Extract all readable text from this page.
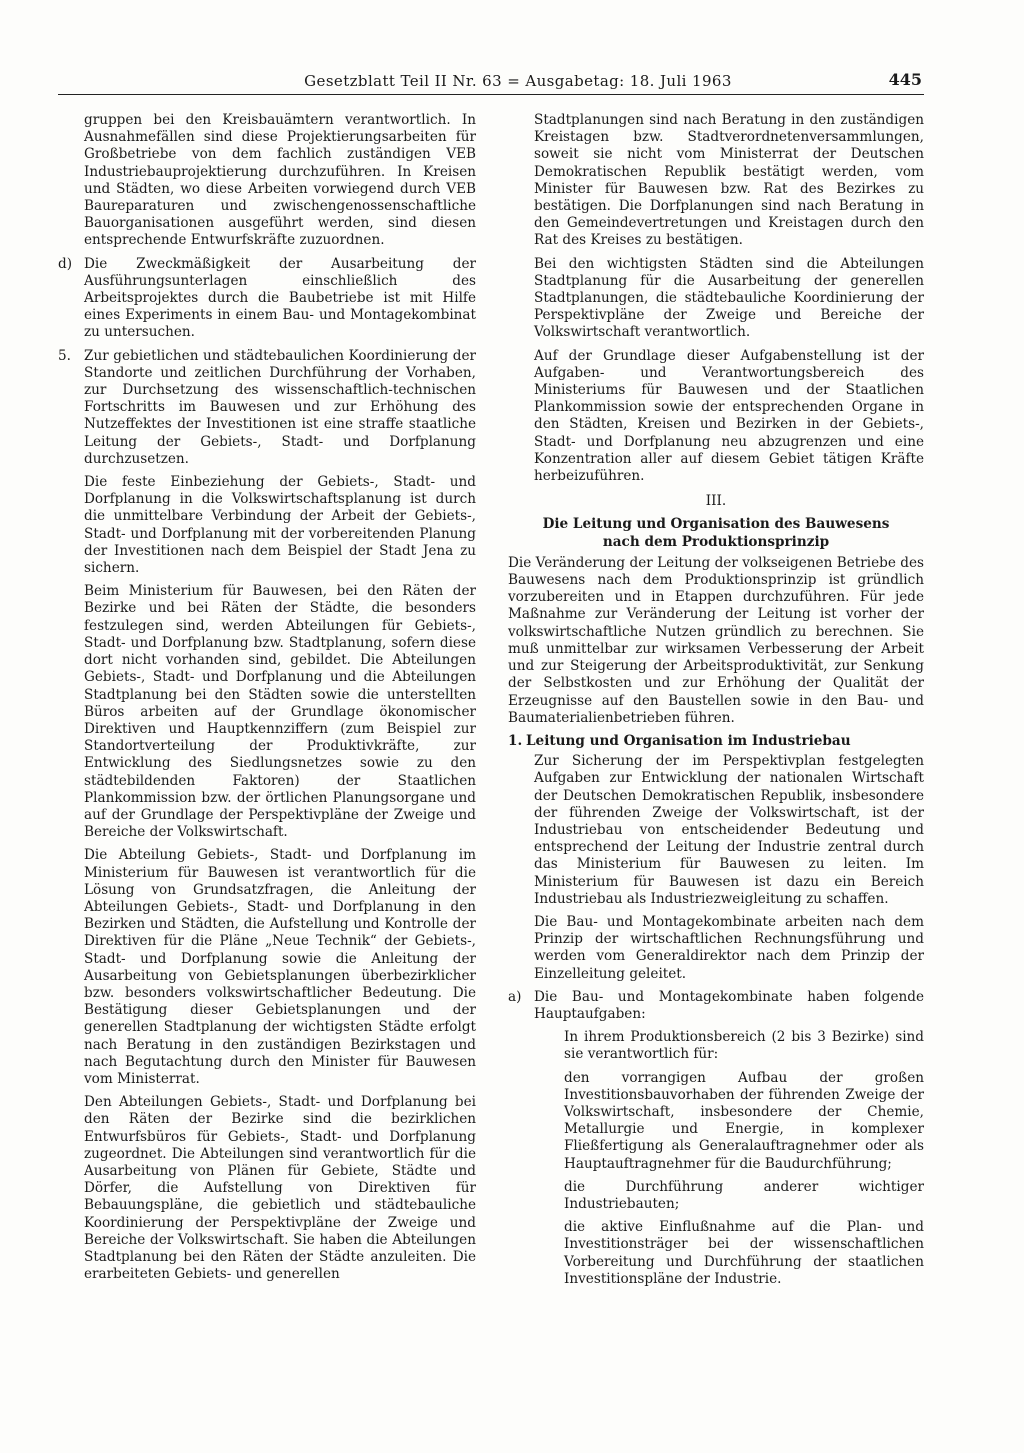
Gesetzblatt Teil II Nr. 63 = Ausgabetag: 18. Juli 1963	445

gruppen bei den Kreisbauämtern verantwortlich. In Ausnahmefällen sind diese Projektierungsarbeiten für Großbetriebe von dem fachlich zuständigen VEB Industriebauprojektierung durchzuführen. In Kreisen und Städten, wo diese Arbeiten vorwiegend durch VEB Baureparaturen und zwischengenossenschaftliche Bauorganisationen ausgeführt werden, sind diesen entsprechende Entwurfskräfte zuzuordnen.

d) Die Zweckmäßigkeit der Ausarbeitung der Ausführungsunterlagen einschließlich des Arbeitsprojektes durch die Baubetriebe ist mit Hilfe eines Experiments in einem Bau- und Montagekombinat zu untersuchen.

5. Zur gebietlichen und städtebaulichen Koordinierung der Standorte und zeitlichen Durchführung der Vorhaben, zur Durchsetzung des wissenschaftlich-technischen Fortschritts im Bauwesen und zur Erhöhung des Nutzeffektes der Investitionen ist eine straffe staatliche Leitung der Gebiets-, Stadt- und Dorfplanung durchzusetzen.

Die feste Einbeziehung der Gebiets-, Stadt- und Dorfplanung in die Volkswirtschaftsplanung ist durch die unmittelbare Verbindung der Arbeit der Gebiets-, Stadt- und Dorfplanung mit der vorbereitenden Planung der Investitionen nach dem Beispiel der Stadt Jena zu sichern.

Beim Ministerium für Bauwesen, bei den Räten der Bezirke und bei Räten der Städte, die besonders festzulegen sind, werden Abteilungen für Gebiets-, Stadt- und Dorfplanung bzw. Stadtplanung, sofern diese dort nicht vorhanden sind, gebildet. Die Abteilungen Gebiets-, Stadt- und Dorfplanung und die Abteilungen Stadtplanung bei den Städten sowie die unterstellten Büros arbeiten auf der Grundlage ökonomischer Direktiven und Hauptkennziffern (zum Beispiel zur Standortverteilung der Produktivkräfte, zur Entwicklung des Siedlungsnetzes sowie zu den städtebildenden Faktoren) der Staatlichen Plankommission bzw. der örtlichen Planungsorgane und auf der Grundlage der Perspektivpläne der Zweige und Bereiche der Volkswirtschaft.

Die Abteilung Gebiets-, Stadt- und Dorfplanung im Ministerium für Bauwesen ist verantwortlich für die Lösung von Grundsatzfragen, die Anleitung der Abteilungen Gebiets-, Stadt- und Dorfplanung in den Bezirken und Städten, die Aufstellung und Kontrolle der Direktiven für die Pläne „Neue Technik“ der Gebiets-, Stadt- und Dorfplanung sowie die Anleitung der Ausarbeitung von Gebietsplanungen überbezirklicher bzw. besonders volkswirtschaftlicher Bedeutung. Die Bestätigung dieser Gebietsplanungen und der generellen Stadtplanung der wichtigsten Städte erfolgt nach Beratung in den zuständigen Bezirkstagen und nach Begutachtung durch den Minister für Bauwesen vom Ministerrat.

Den Abteilungen Gebiets-, Stadt- und Dorfplanung bei den Räten der Bezirke sind die bezirklichen Entwurfsbüros für Gebiets-, Stadt- und Dorfplanung zugeordnet. Die Abteilungen sind verantwortlich für die Ausarbeitung von Plänen für Gebiete, Städte und Dörfer, die Aufstellung von Direktiven für Bebauungspläne, die gebietlich und städtebauliche Koordinierung der Perspektivpläne der Zweige und Bereiche der Volkswirtschaft. Sie haben die Abteilungen Stadtplanung bei den Räten der Städte anzuleiten. Die erarbeiteten Gebiets- und generellen

Stadtplanungen sind nach Beratung in den zuständigen Kreistagen bzw. Stadtverordnetenversammlungen, soweit sie nicht vom Ministerrat der Deutschen Demokratischen Republik bestätigt werden, vom Minister für Bauwesen bzw. Rat des Bezirkes zu bestätigen. Die Dorfplanungen sind nach Beratung in den Gemeindevertretungen und Kreistagen durch den Rat des Kreises zu bestätigen.

Bei den wichtigsten Städten sind die Abteilungen Stadtplanung für die Ausarbeitung der generellen Stadtplanungen, die städtebauliche Koordinierung der Perspektivpläne der Zweige und Bereiche der Volkswirtschaft verantwortlich.

Auf der Grundlage dieser Aufgabenstellung ist der Aufgaben- und Verantwortungsbereich des Ministeriums für Bauwesen und der Staatlichen Plankommission sowie der entsprechenden Organe in den Städten, Kreisen und Bezirken in der Gebiets-, Stadt- und Dorfplanung neu abzugrenzen und eine Konzentration aller auf diesem Gebiet tätigen Kräfte herbeizuführen.

III.

Die Leitung und Organisation des Bauwesens
nach dem Produktionsprinzip

Die Veränderung der Leitung der volkseigenen Betriebe des Bauwesens nach dem Produktionsprinzip ist gründlich vorzubereiten und in Etappen durchzuführen. Für jede Maßnahme zur Veränderung der Leitung ist vorher der volkswirtschaftliche Nutzen gründlich zu berechnen. Sie muß unmittelbar zur wirksamen Verbesserung der Arbeit und zur Steigerung der Arbeitsproduktivität, zur Senkung der Selbstkosten und zur Erhöhung der Qualität der Erzeugnisse auf den Baustellen sowie in den Bau- und Baumaterialienbetrieben führen.

1. Leitung und Organisation im Industriebau

Zur Sicherung der im Perspektivplan festgelegten Aufgaben zur Entwicklung der nationalen Wirtschaft der Deutschen Demokratischen Republik, insbesondere der führenden Zweige der Volkswirtschaft, ist der Industriebau von entscheidender Bedeutung und entsprechend der Leitung der Industrie zentral durch das Ministerium für Bauwesen zu leiten. Im Ministerium für Bauwesen ist dazu ein Bereich Industriebau als Industriezweigleitung zu schaffen.

Die Bau- und Montagekombinate arbeiten nach dem Prinzip der wirtschaftlichen Rechnungsführung und werden vom Generaldirektor nach dem Prinzip der Einzelleitung geleitet.

a) Die Bau- und Montagekombinate haben folgende Hauptaufgaben:

In ihrem Produktionsbereich (2 bis 3 Bezirke) sind sie verantwortlich für:

den vorrangigen Aufbau der großen Investitionsbauvorhaben der führenden Zweige der Volkswirtschaft, insbesondere der Chemie, Metallurgie und Energie, in komplexer Fließfertigung als Generalauftragnehmer oder als Hauptauftragnehmer für die Baudurchführung;

die Durchführung anderer wichtiger Industriebauten;

die aktive Einflußnahme auf die Plan- und Investitionsträger bei der wissenschaftlichen Vorbereitung und Durchführung der staatlichen Investitionspläne der Industrie.
